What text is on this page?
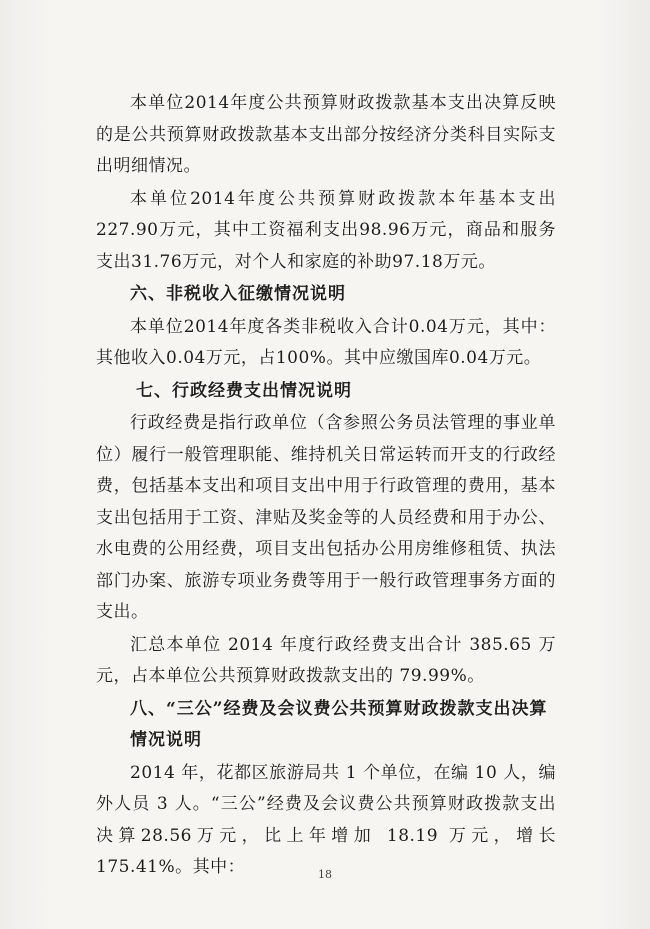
本单位2014年度公共预算财政拨款基本支出决算反映的是公共预算财政拨款基本支出部分按经济分类科目实际支出明细情况。

本单位2014年度公共预算财政拨款本年基本支出227.90万元，其中工资福利支出98.96万元，商品和服务支出31.76万元，对个人和家庭的补助97.18万元。

六、非税收入征缴情况说明

本单位2014年度各类非税收入合计0.04万元，其中：其他收入0.04万元，占100%。其中应缴国库0.04万元。

七、行政经费支出情况说明

行政经费是指行政单位（含参照公务员法管理的事业单位）履行一般管理职能、维持机关日常运转而开支的行政经费，包括基本支出和项目支出中用于行政管理的费用，基本支出包括用于工资、津贴及奖金等的人员经费和用于办公、水电费的公用经费，项目支出包括办公用房维修租赁、执法部门办案、旅游专项业务费等用于一般行政管理事务方面的支出。

汇总本单位 2014 年度行政经费支出合计 385.65 万元，占本单位公共预算财政拨款支出的 79.99%。

八、“三公”经费及会议费公共预算财政拨款支出决算情况说明

2014 年，花都区旅游局共 1 个单位，在编 10 人，编外人员 3 人。“三公”经费及会议费公共预算财政拨款支出决算28.56万元，比上年增加 18.19 万元，增长 175.41%。其中：	18
